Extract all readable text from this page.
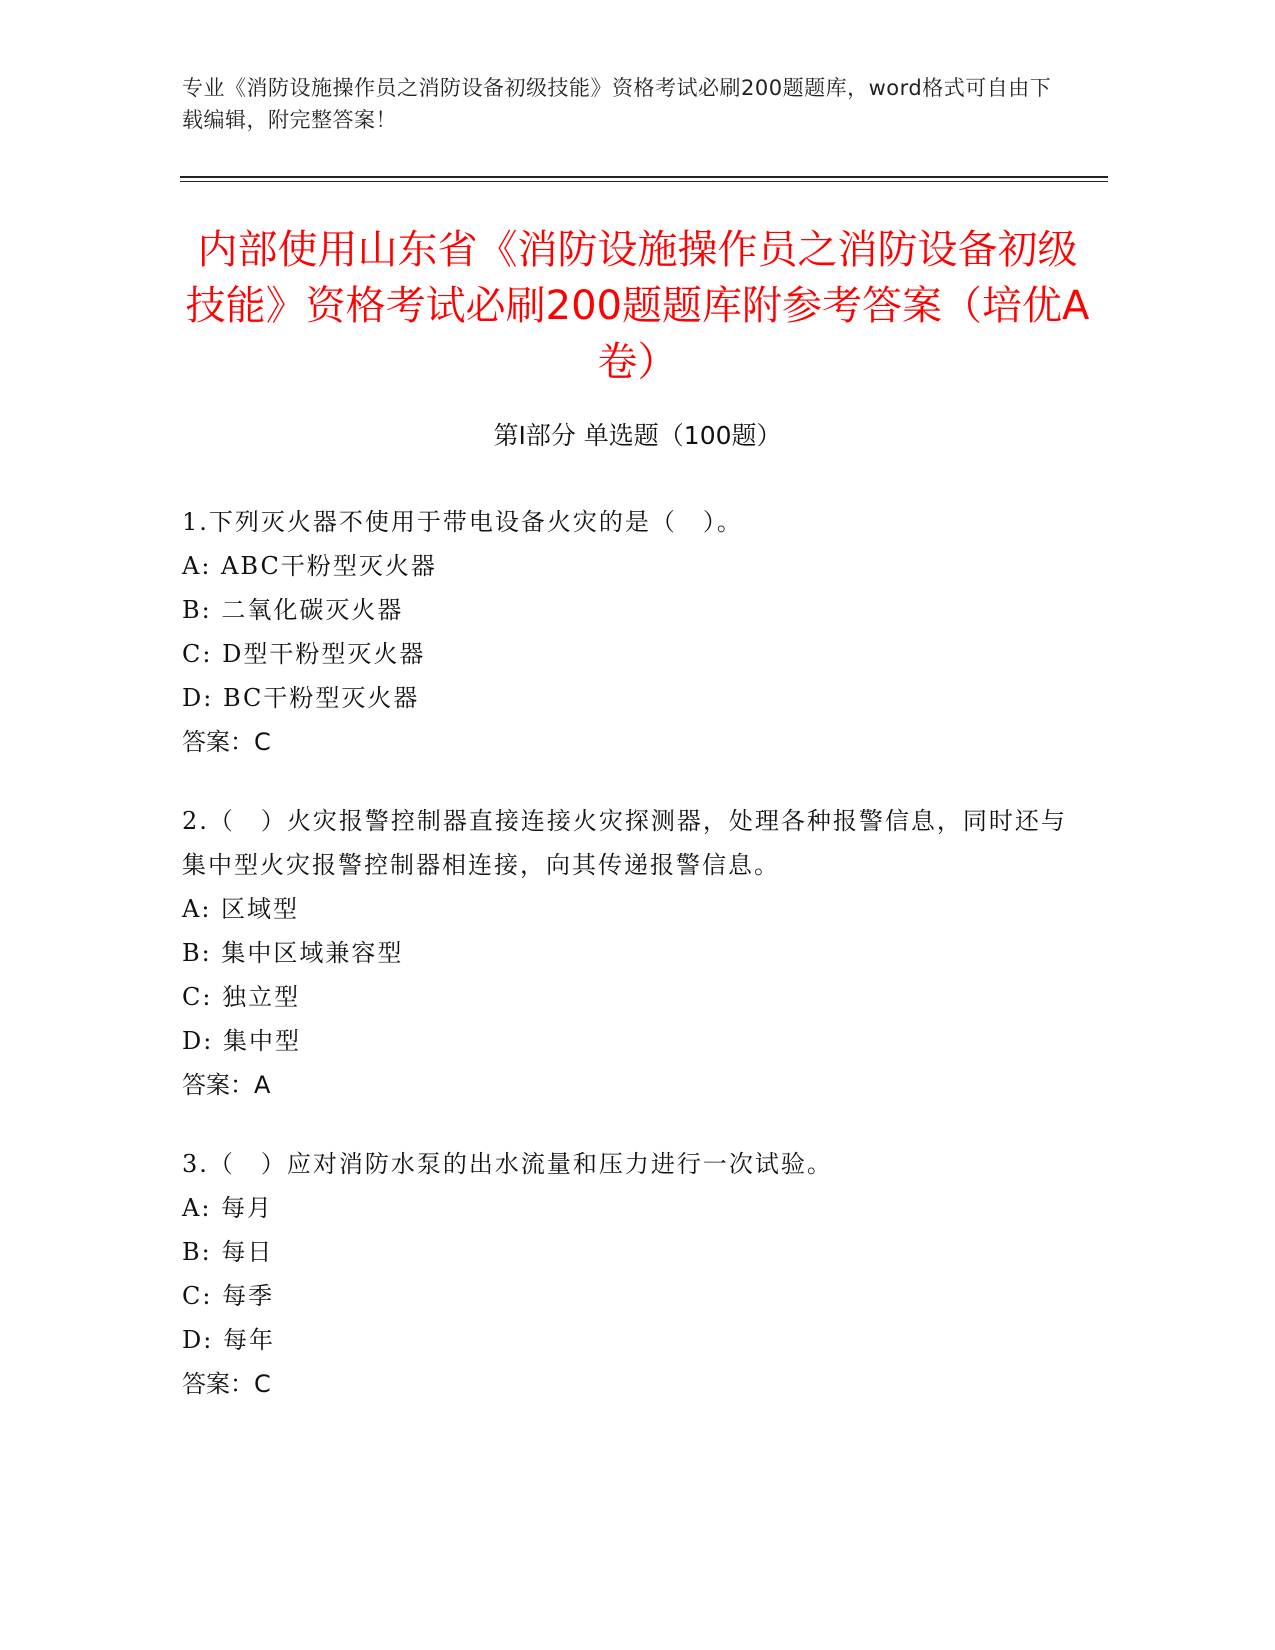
专业《消防设施操作员之消防设备初级技能》资格考试必刷200题题库，word格式可自由下载编辑，附完整答案！
内部使用山东省《消防设施操作员之消防设备初级技能》资格考试必刷200题题库附参考答案（培优A卷）
第I部分 单选题（100题）
1.下列灭火器不使用于带电设备火灾的是（　）。
A: ABC干粉型灭火器
B: 二氧化碳灭火器
C: D型干粉型灭火器
D: BC干粉型灭火器
答案：C
2.（　）火灾报警控制器直接连接火灾探测器，处理各种报警信息，同时还与集中型火灾报警控制器相连接，向其传递报警信息。
A: 区域型
B: 集中区域兼容型
C: 独立型
D: 集中型
答案：A
3.（　）应对消防水泵的出水流量和压力进行一次试验。
A: 每月
B: 每日
C: 每季
D: 每年
答案：C
